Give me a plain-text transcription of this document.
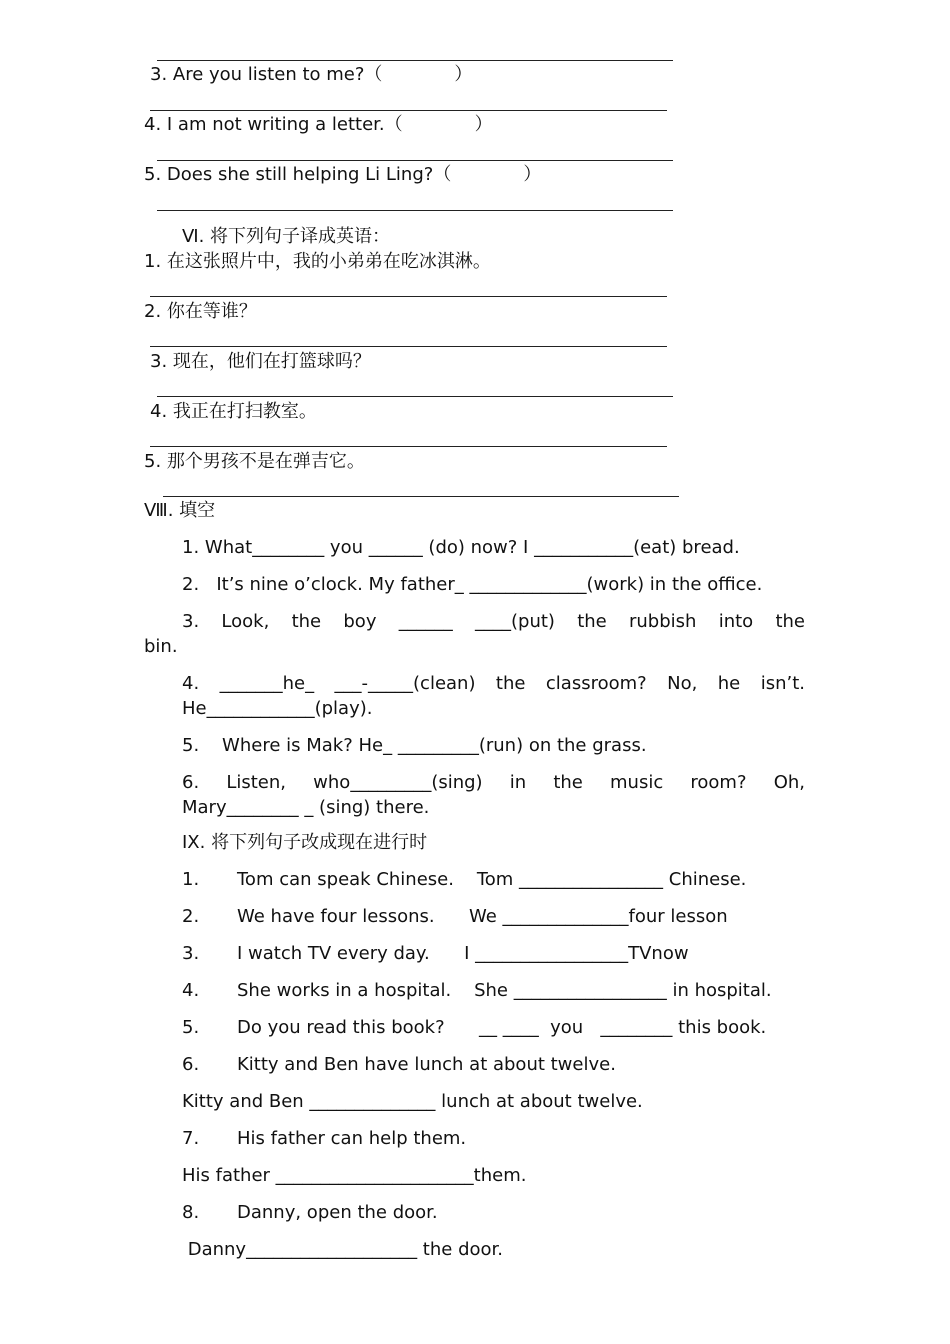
3. Are you listen to me?（　　　　）
4. I am not writing a letter.（　　　　）
5. Does she still helping Li Ling?（　　　　）
Ⅵ. 将下列句子译成英语：
1. 在这张照片中，我的小弟弟在吃冰淇淋。
2. 你在等谁？
3. 现在，他们在打篮球吗？
4. 我正在打扫教室。
5. 那个男孩不是在弹吉它。
Ⅷ. 填空
1. What________ you ______ (do) now? I ___________(eat) bread.
2.   It’s nine o’clock. My father_ _____________(work) in the office.
3. Look, the boy ______ ____(put) the rubbish into the
bin.
4. _______he_ ___-_____(clean) the classroom? No, he isn’t.
He____________(play).
5.    Where is Mak? He_ _________(run) on the grass.
6. Listen, who_________(sing) in the music room? Oh,
Mary________ _ (sing) there.
IX. 将下列句子改成现在进行时
1.	Tom can speak Chinese.    Tom ________________ Chinese.
2.	We have four lessons.      We ______________four lesson
3.	I watch TV every day.      I _________________TVnow
4.	She works in a hospital.    She _________________ in hospital.
5.	Do you read this book?      __ ____  you   ________ this book.
6.	Kitty and Ben have lunch at about twelve.
Kitty and Ben ______________ lunch at about twelve.
7.	His father can help them.
His father ______________________them.
8.	Danny, open the door.
Danny___________________ the door.
